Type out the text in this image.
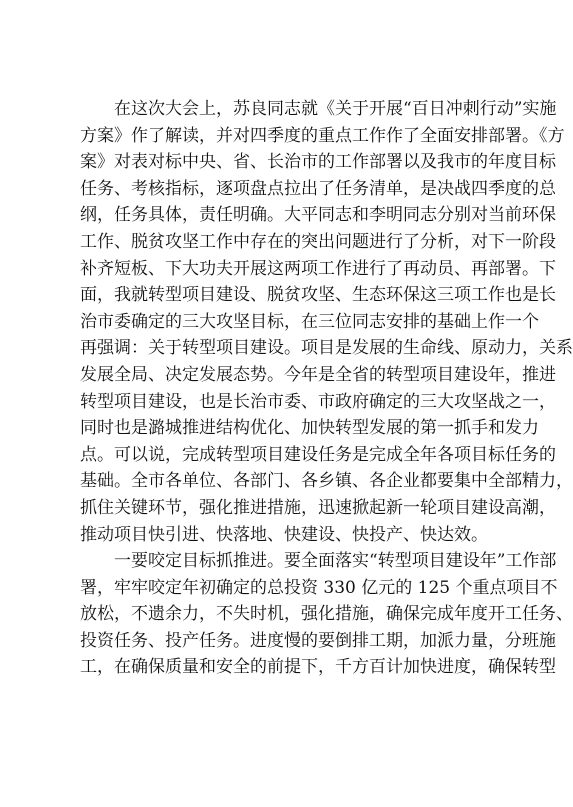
在这次大会上，苏良同志就《关于开展“百日冲刺行动”实施
方案》作了解读，并对四季度的重点工作作了全面安排部署。《方
案》对表对标中央、省、长治市的工作部署以及我市的年度目标
任务、考核指标，逐项盘点拉出了任务清单，是决战四季度的总
纲，任务具体，责任明确。大平同志和李明同志分别对当前环保
工作、脱贫攻坚工作中存在的突出问题进行了分析，对下一阶段
补齐短板、下大功夫开展这两项工作进行了再动员、再部署。下
面，我就转型项目建设、脱贫攻坚、生态环保这三项工作也是长
治市委确定的三大攻坚目标，在三位同志安排的基础上作一个
再强调：关于转型项目建设。项目是发展的生命线、原动力，关系
发展全局、决定发展态势。今年是全省的转型项目建设年，推进
转型项目建设，也是长治市委、市政府确定的三大攻坚战之一，
同时也是潞城推进结构优化、加快转型发展的第一抓手和发力
点。可以说，完成转型项目建设任务是完成全年各项目标任务的
基础。全市各单位、各部门、各乡镇、各企业都要集中全部精力，
抓住关键环节，强化推进措施，迅速掀起新一轮项目建设高潮，
推动项目快引进、快落地、快建设、快投产、快达效。
一要咬定目标抓推进。要全面落实“转型项目建设年”工作部
署，牢牢咬定年初确定的总投资 330 亿元的 125 个重点项目不
放松，不遗余力，不失时机，强化措施，确保完成年度开工任务、
投资任务、投产任务。进度慢的要倒排工期，加派力量，分班施
工，在确保质量和安全的前提下，千方百计加快进度，确保转型
